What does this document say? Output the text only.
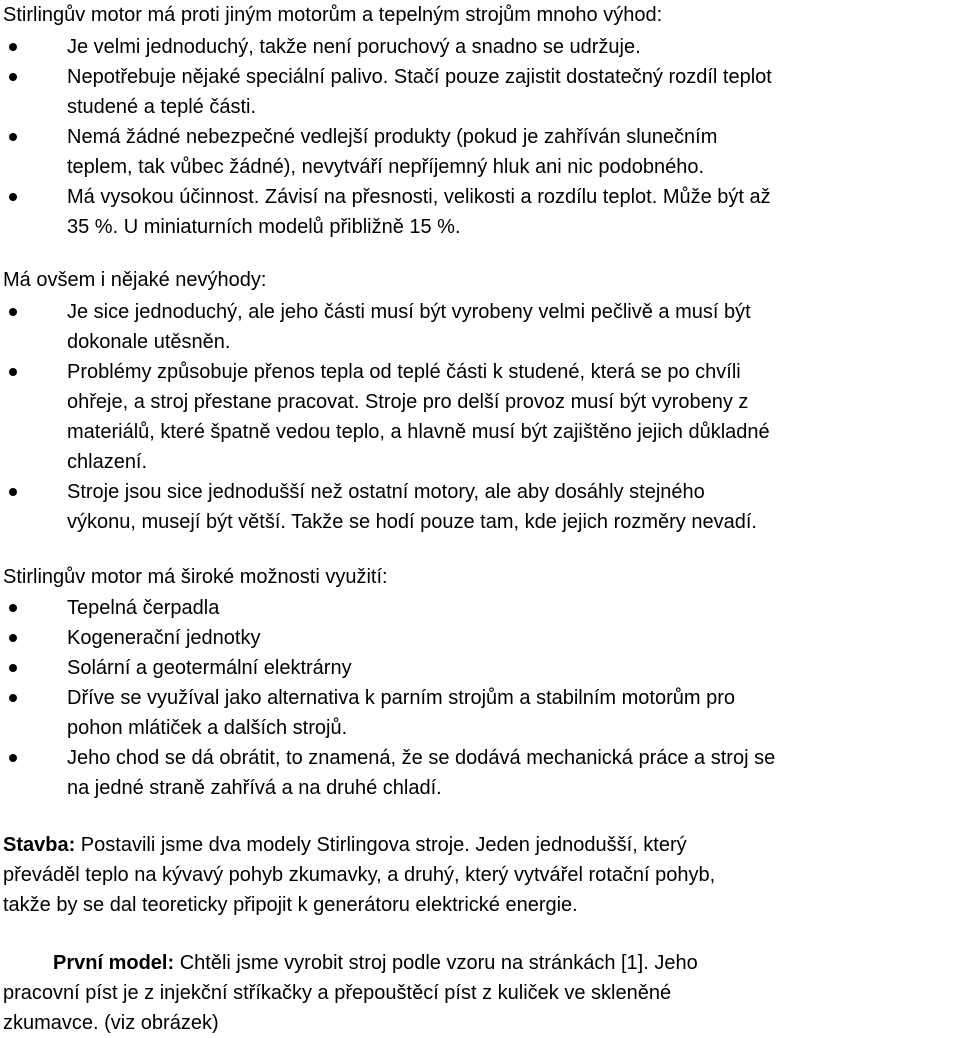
Stirlingův motor má proti jiným motorům a tepelným strojům mnoho výhod:
Je velmi jednoduchý, takže není poruchový a snadno se udržuje.
Nepotřebuje nějaké speciální palivo. Stačí pouze zajistit dostatečný rozdíl teplot
studené a teplé části.
Nemá žádné nebezpečné vedlejší produkty (pokud je zahříván slunečním
teplem, tak vůbec žádné), nevytváří nepříjemný hluk ani nic podobného.
Má vysokou účinnost. Závisí na přesnosti, velikosti a rozdílu teplot. Může být až
35 %. U miniaturních modelů přibližně 15 %.
Má ovšem i nějaké nevýhody:
Je sice jednoduchý, ale jeho části musí být vyrobeny velmi pečlivě a musí být
dokonale utěsněn.
Problémy způsobuje přenos tepla od teplé části k studené, která se po chvíli
ohřeje, a stroj přestane pracovat. Stroje pro delší provoz musí být vyrobeny z
materiálů, které špatně vedou teplo, a hlavně musí být zajištěno jejich důkladné
chlazení.
Stroje jsou sice jednodušší než ostatní motory, ale aby dosáhly stejného
výkonu, musejí být větší. Takže se hodí pouze tam, kde jejich rozměry nevadí.
Stirlingův motor má široké možnosti využití:
Tepelná čerpadla
Kogenerační jednotky
Solární a geotermální elektrárny
Dříve se využíval jako alternativa k parním strojům a stabilním motorům pro
pohon mlátiček a dalších strojů.
Jeho chod se dá obrátit, to znamená, že se dodává mechanická práce a stroj se
na jedné straně zahřívá a na druhé chladí.
Stavba: Postavili jsme dva modely Stirlingova stroje. Jeden jednodušší, který
převáděl teplo na kývavý pohyb zkumavky, a druhý, který vytvářel rotační pohyb,
takže by se dal teoreticky připojit k generátoru elektrické energie.
První model: Chtěli jsme vyrobit stroj podle vzoru na stránkách [1]. Jeho
pracovní píst je z injekční stříkačky a přepouštěcí píst z kuliček ve skleněné
zkumavce. (viz obrázek)
